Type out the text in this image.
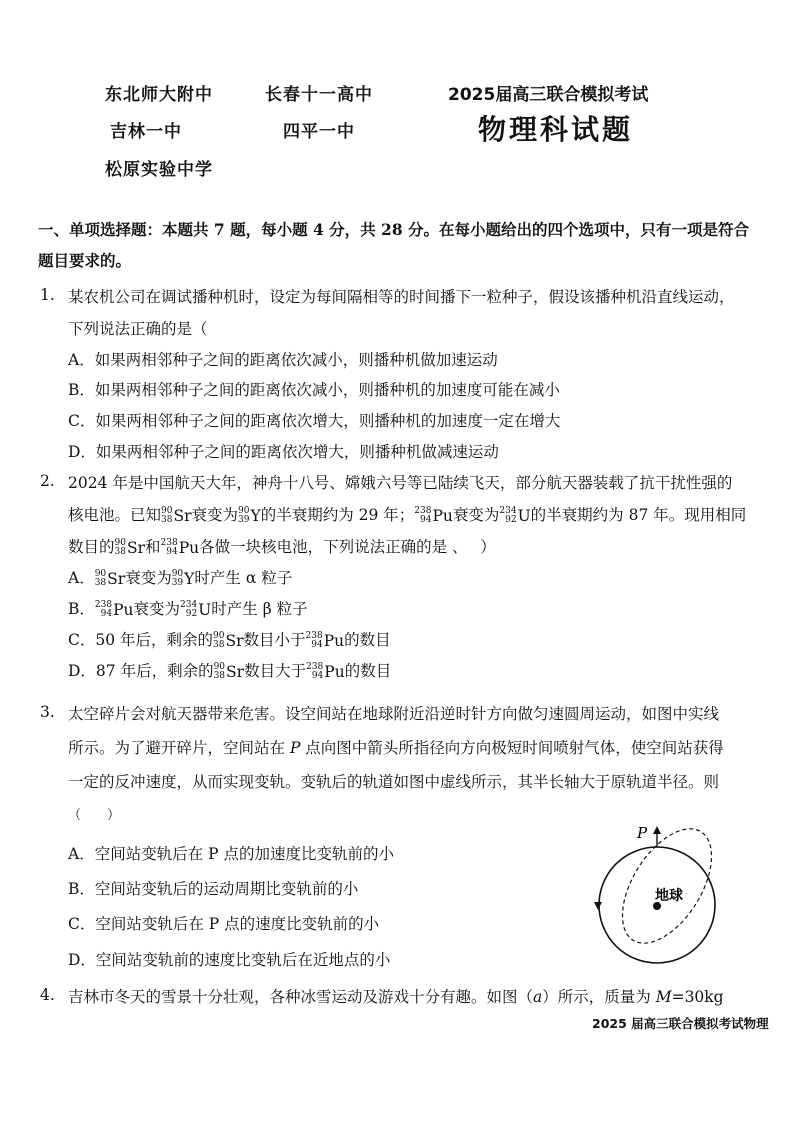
东北师大附中	长春十一高中	2025届高三联合模拟考试
吉林一中	四平一中	物理科试题
松原实验中学
一、单项选择题：本题共 7 题，每小题 4 分，共 28 分。在每小题给出的四个选项中，只有一项是符合
题目要求的。
1. 某农机公司在调试播种机时，设定为每间隔相等的时间播下一粒种子，假设该播种机沿直线运动，
下列说法正确的是（
A．如果两相邻种子之间的距离依次减小，则播种机做加速运动
B．如果两相邻种子之间的距离依次减小，则播种机的加速度可能在减小
C．如果两相邻种子之间的距离依次增大，则播种机的加速度一定在增大
D．如果两相邻种子之间的距离依次增大，则播种机做减速运动
2. 2024 年是中国航天大年，神舟十八号、嫦娥六号等已陆续飞天，部分航天器装载了抗干扰性强的
核电池。已知 90
38 Sr 衰变为 90
39 Y 的半衰期约为 29 年； 238
94 Pu 衰变为 234
92 U 的半衰期约为 87 年。现用相同
数目的 90
38 Sr 和 238
94 Pu 各做一块核电池，下列说法正确的是 、　 ）
A． 90
38 Sr 衰变为 90
39 Y 时产生 α 粒子
B． 238
94 Pu 衰变为 234
92 U 时产生 β 粒子
C．50 年后，剩余的 90
38 Sr 数目小于 238
94 Pu 的数目
D．87 年后，剩余的 90
38 Sr 数目大于 238
94 Pu 的数目
3. 太空碎片会对航天器带来危害。设空间站在地球附近沿逆时针方向做匀速圆周运动，如图中实线
所示。为了避开碎片，空间站在 P 点向图中箭头所指径向方向极短时间喷射气体，使空间站获得
一定的反冲速度，从而实现变轨。变轨后的轨道如图中虚线所示，其半长轴大于原轨道半径。则
（　　）
A．空间站变轨后在 P 点的加速度比变轨前的小
B．空间站变轨后的运动周期比变轨前的小
C．空间站变轨后在 P 点的速度比变轨前的小
D．空间站变轨前的速度比变轨后在近地点的小
P
地球
4. 吉林市冬天的雪景十分壮观，各种冰雪运动及游戏十分有趣。如图（a）所示，质量为 M=30kg
2025 届高三联合模拟考试物理
